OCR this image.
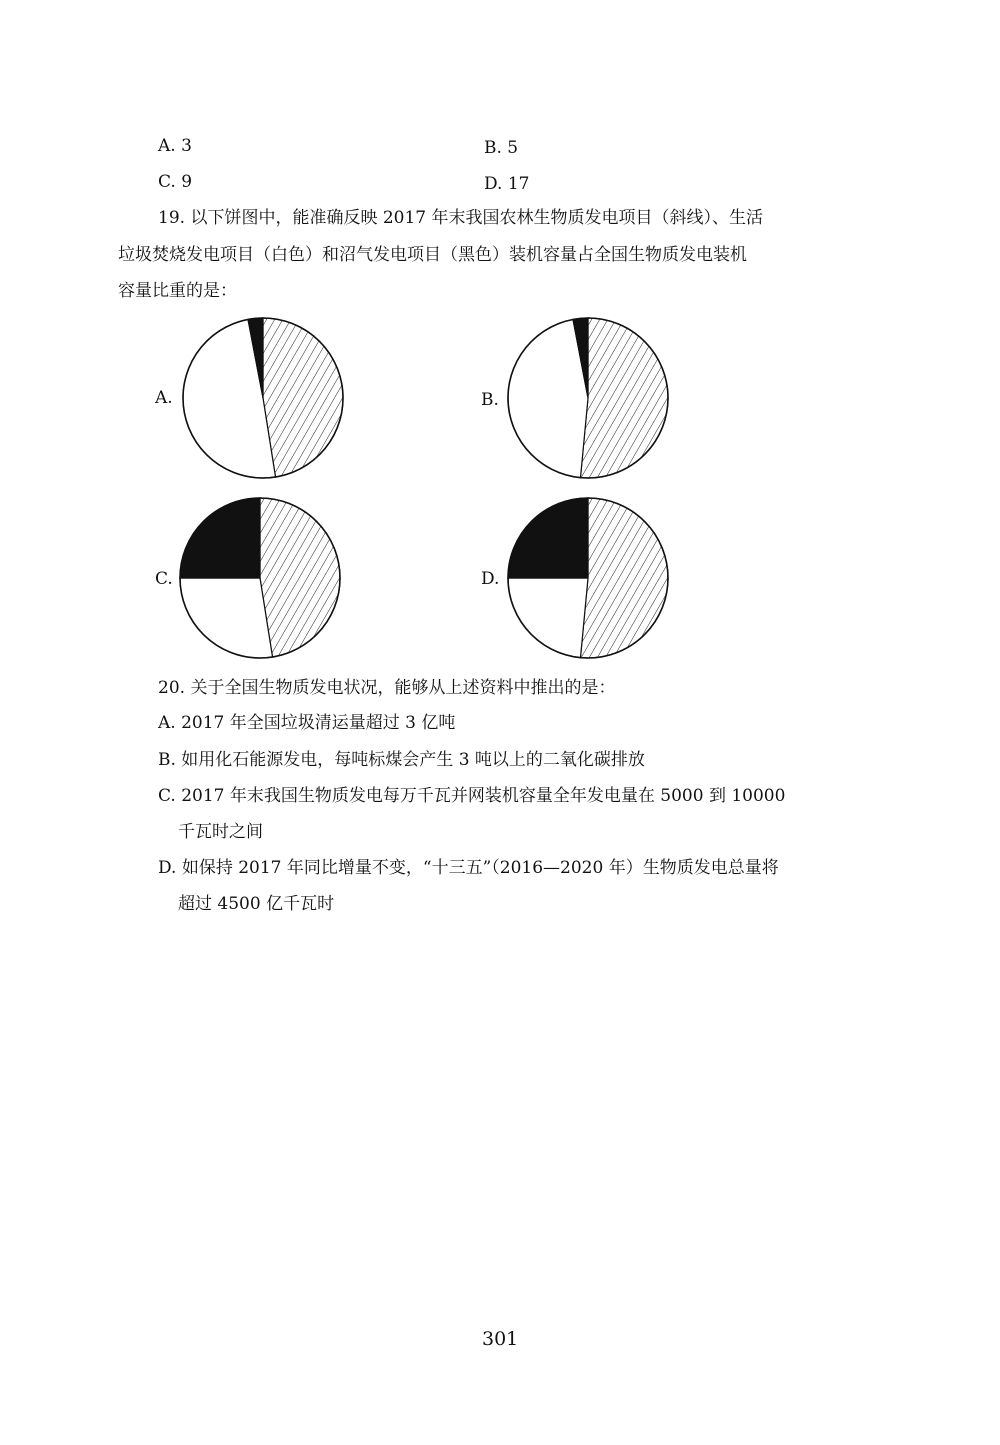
A. 3	B. 5
C. 9	D. 17
19. 以下饼图中，能准确反映 2017 年末我国农林生物质发电项目（斜线）、生活
垃圾焚烧发电项目（白色）和沼气发电项目（黑色）装机容量占全国生物质发电装机
容量比重的是：
A.	B.
C.	D.
20. 关于全国生物质发电状况，能够从上述资料中推出的是：
A. 2017 年全国垃圾清运量超过 3 亿吨
B. 如用化石能源发电，每吨标煤会产生 3 吨以上的二氧化碳排放
C. 2017 年末我国生物质发电每万千瓦并网装机容量全年发电量在 5000 到 10000
千瓦时之间
D. 如保持 2017 年同比增量不变，“十三五”（2016—2020 年）生物质发电总量将
超过 4500 亿千瓦时
301
